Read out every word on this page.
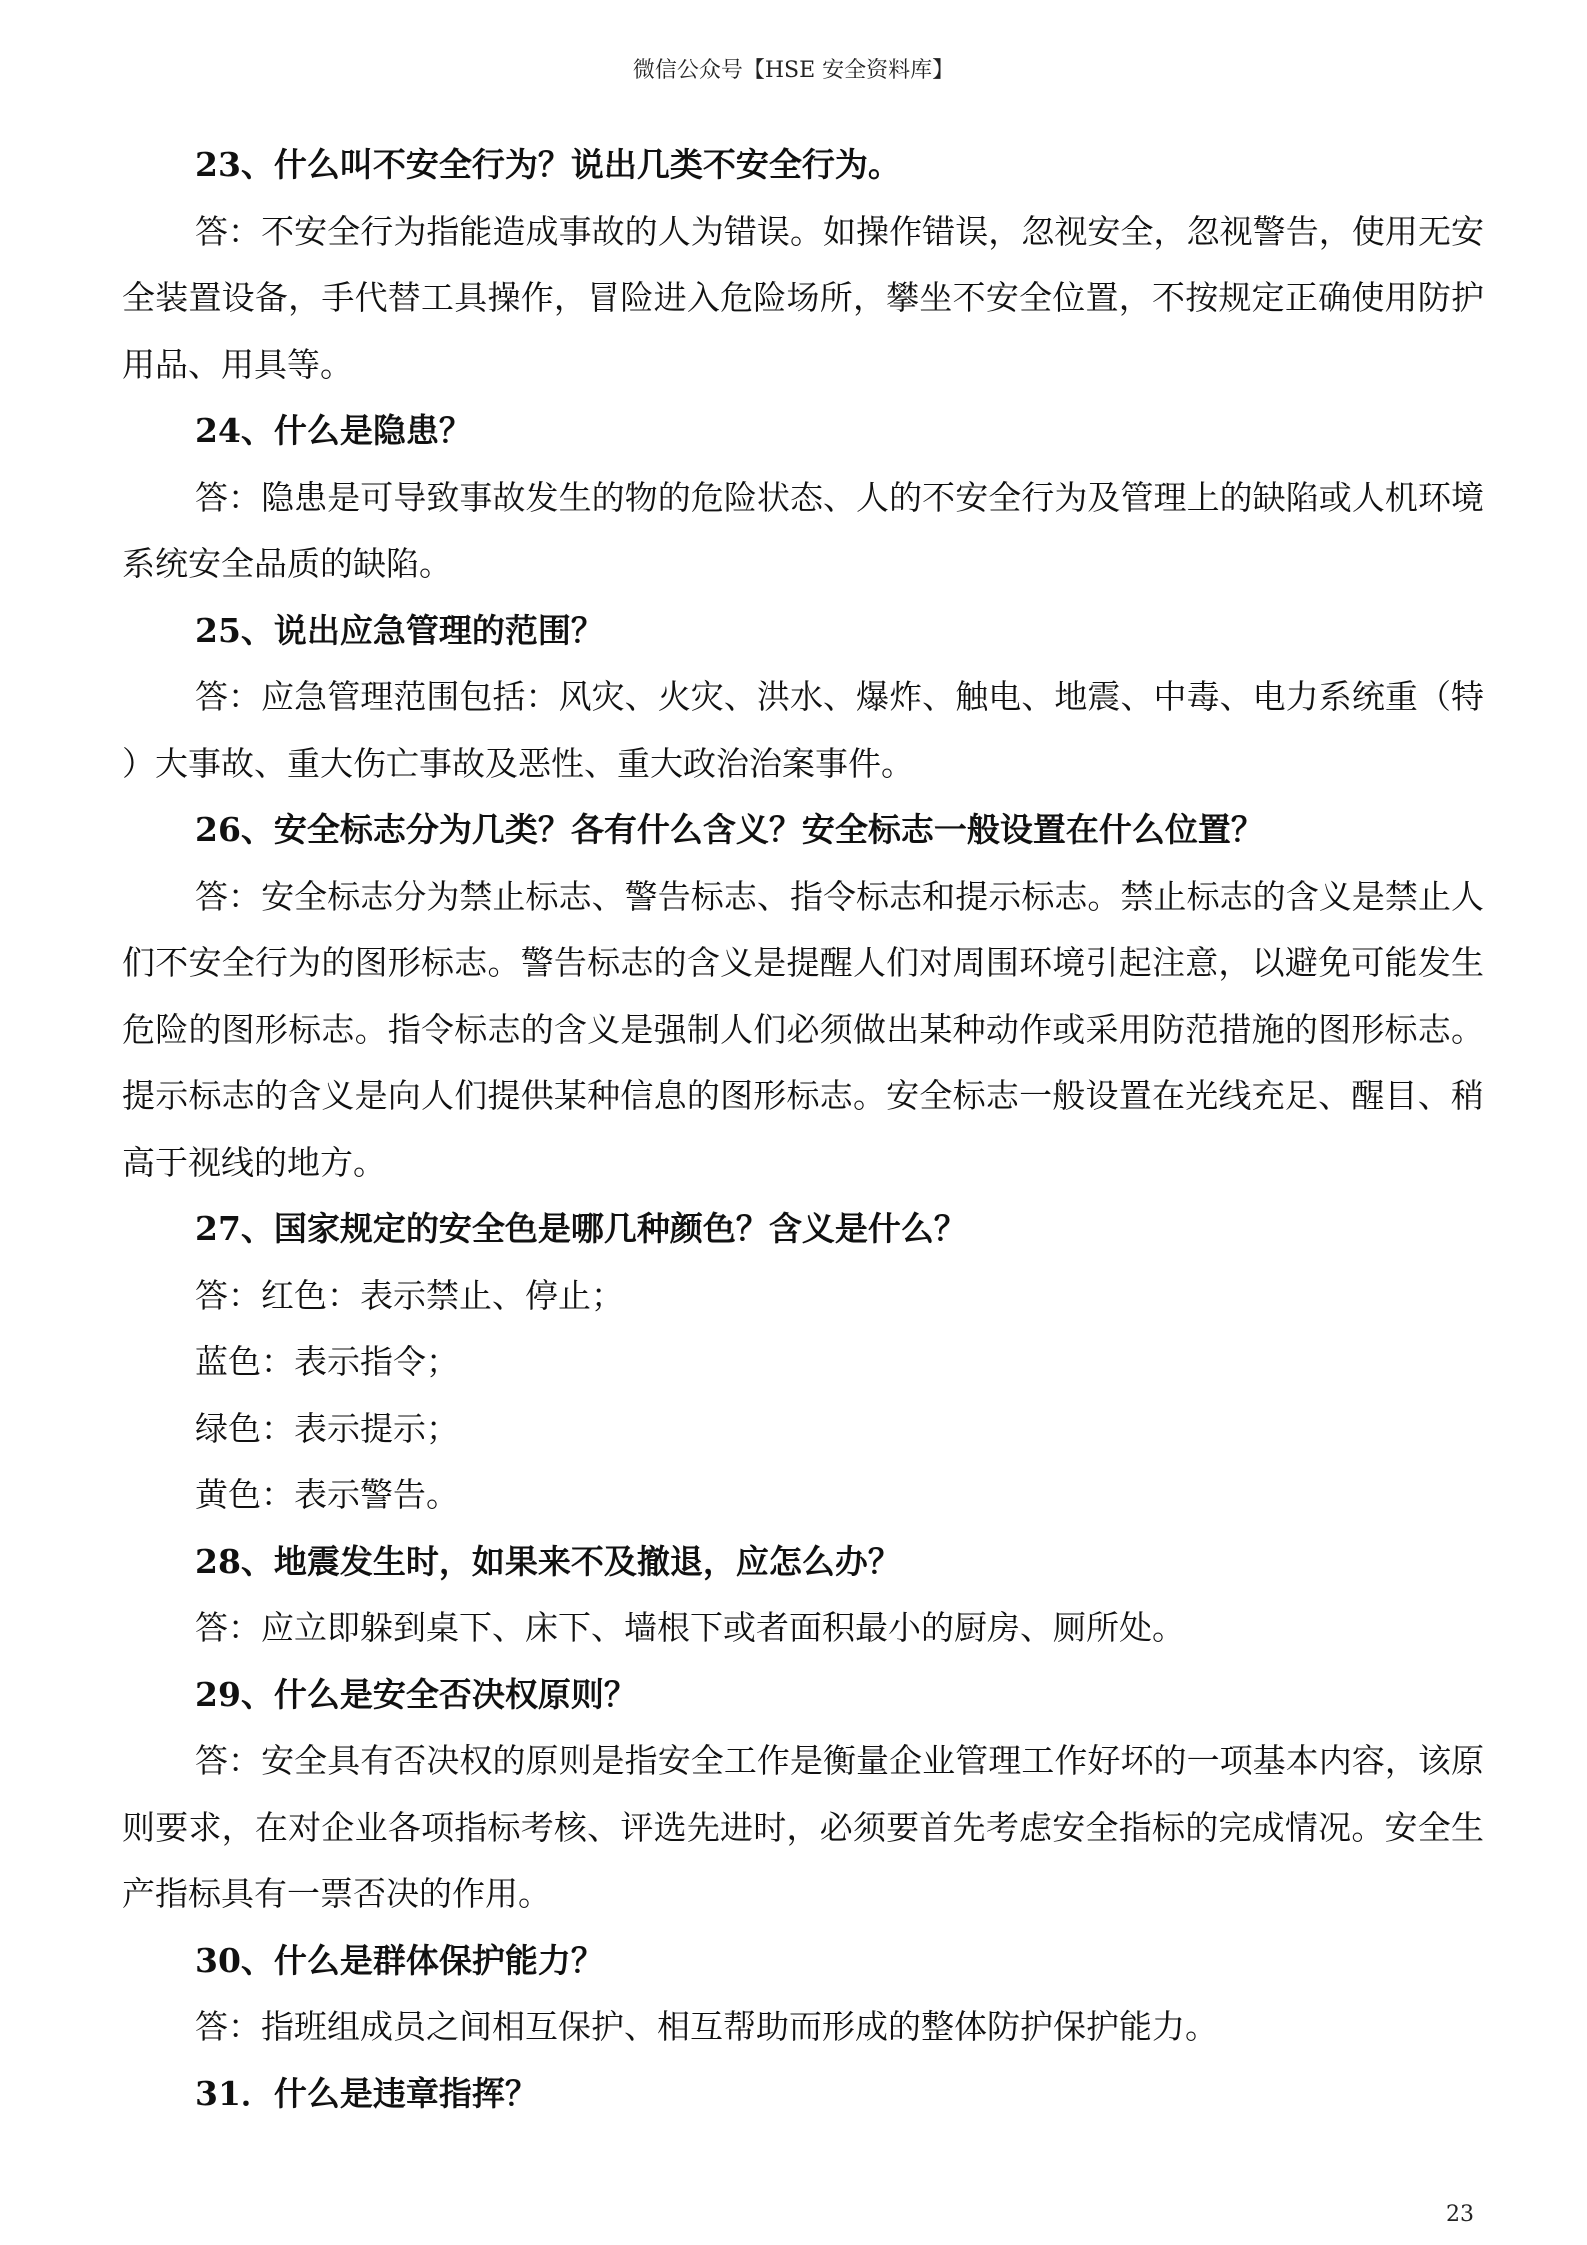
微信公众号【HSE 安全资料库】

23、什么叫不安全行为？说出几类不安全行为。

答：不安全行为指能造成事故的人为错误。如操作错误，忽视安全，忽视警告，使用无安全装置设备，手代替工具操作，冒险进入危险场所，攀坐不安全位置，不按规定正确使用防护用品、用具等。

24、什么是隐患？

答：隐患是可导致事故发生的物的危险状态、人的不安全行为及管理上的缺陷或人机环境系统安全品质的缺陷。

25、说出应急管理的范围？

答：应急管理范围包括：风灾、火灾、洪水、爆炸、触电、地震、中毒、电力系统重（特）大事故、重大伤亡事故及恶性、重大政治治案事件。

26、安全标志分为几类？各有什么含义？安全标志一般设置在什么位置？

答：安全标志分为禁止标志、警告标志、指令标志和提示标志。禁止标志的含义是禁止人们不安全行为的图形标志。警告标志的含义是提醒人们对周围环境引起注意，以避免可能发生危险的图形标志。指令标志的含义是强制人们必须做出某种动作或采用防范措施的图形标志。提示标志的含义是向人们提供某种信息的图形标志。安全标志一般设置在光线充足、醒目、稍高于视线的地方。

27、国家规定的安全色是哪几种颜色？含义是什么？

答：红色：表示禁止、停止；

蓝色：表示指令；

绿色：表示提示；

黄色：表示警告。

28、地震发生时，如果来不及撤退，应怎么办？

答：应立即躲到桌下、床下、墙根下或者面积最小的厨房、厕所处。

29、什么是安全否决权原则？

答：安全具有否决权的原则是指安全工作是衡量企业管理工作好坏的一项基本内容，该原则要求，在对企业各项指标考核、评选先进时，必须要首先考虑安全指标的完成情况。安全生产指标具有一票否决的作用。

30、什么是群体保护能力？

答：指班组成员之间相互保护、相互帮助而形成的整体防护保护能力。

31．什么是违章指挥？

23
